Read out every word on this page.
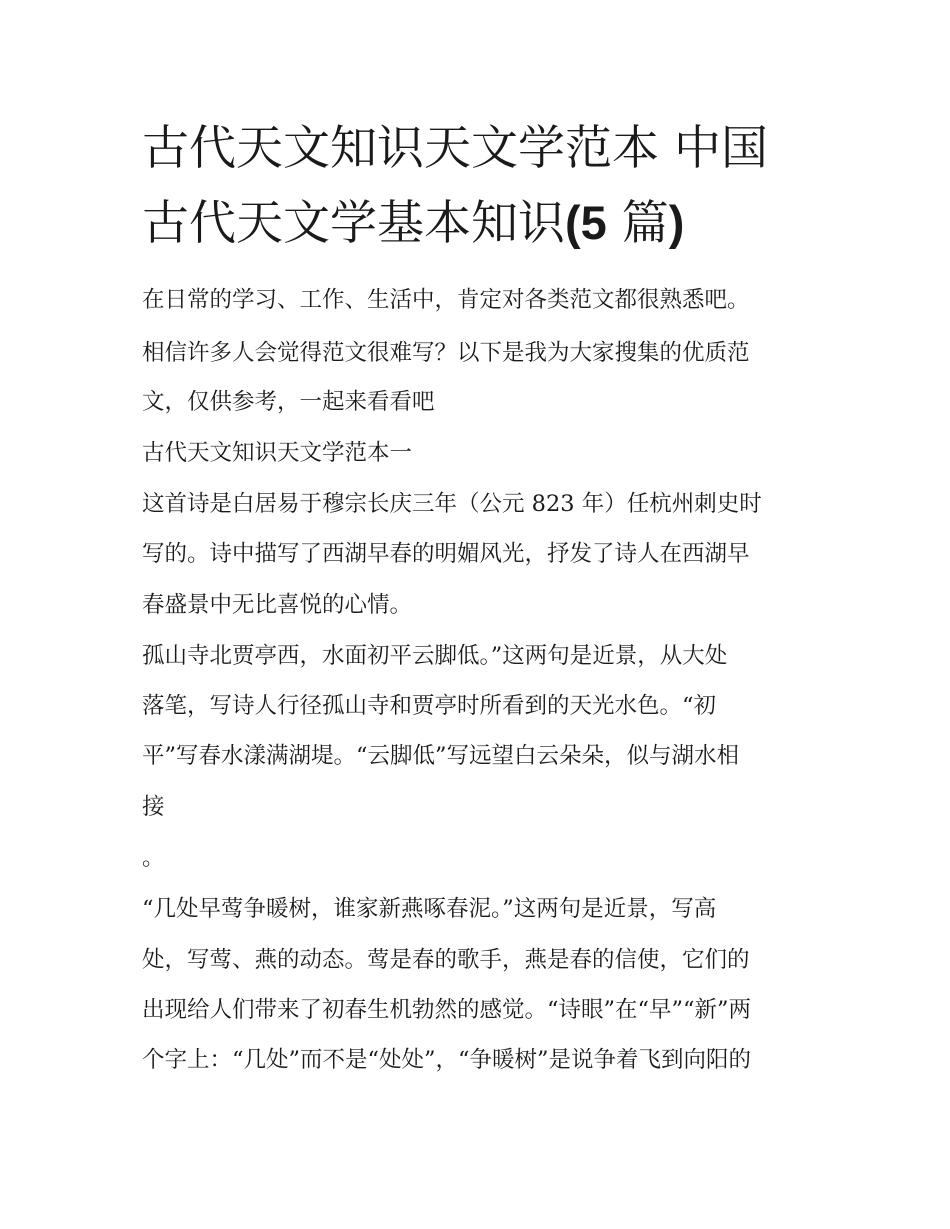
古代天文知识天文学范本 中国
古代天文学基本知识(5 篇)

在日常的学习、工作、生活中，肯定对各类范文都很熟悉吧。

相信许多人会觉得范文很难写？以下是我为大家搜集的优质范

文，仅供参考，一起来看看吧

古代天文知识天文学范本一

这首诗是白居易于穆宗长庆三年（公元 823 年）任杭州刺史时

写的。诗中描写了西湖早春的明媚风光，抒发了诗人在西湖早

春盛景中无比喜悦的心情。

孤山寺北贾亭西，水面初平云脚低。”这两句是近景，从大处

落笔，写诗人行径孤山寺和贾亭时所看到的天光水色。“初

平”写春水漾满湖堤。“云脚低”写远望白云朵朵，似与湖水相

接

。

“几处早莺争暖树，谁家新燕啄春泥。”这两句是近景，写高

处，写莺、燕的动态。莺是春的歌手，燕是春的信使，它们的

出现给人们带来了初春生机勃然的感觉。“诗眼”在“早”“新”两

个字上：“几处”而不是“处处”，“争暖树”是说争着飞到向阳的
